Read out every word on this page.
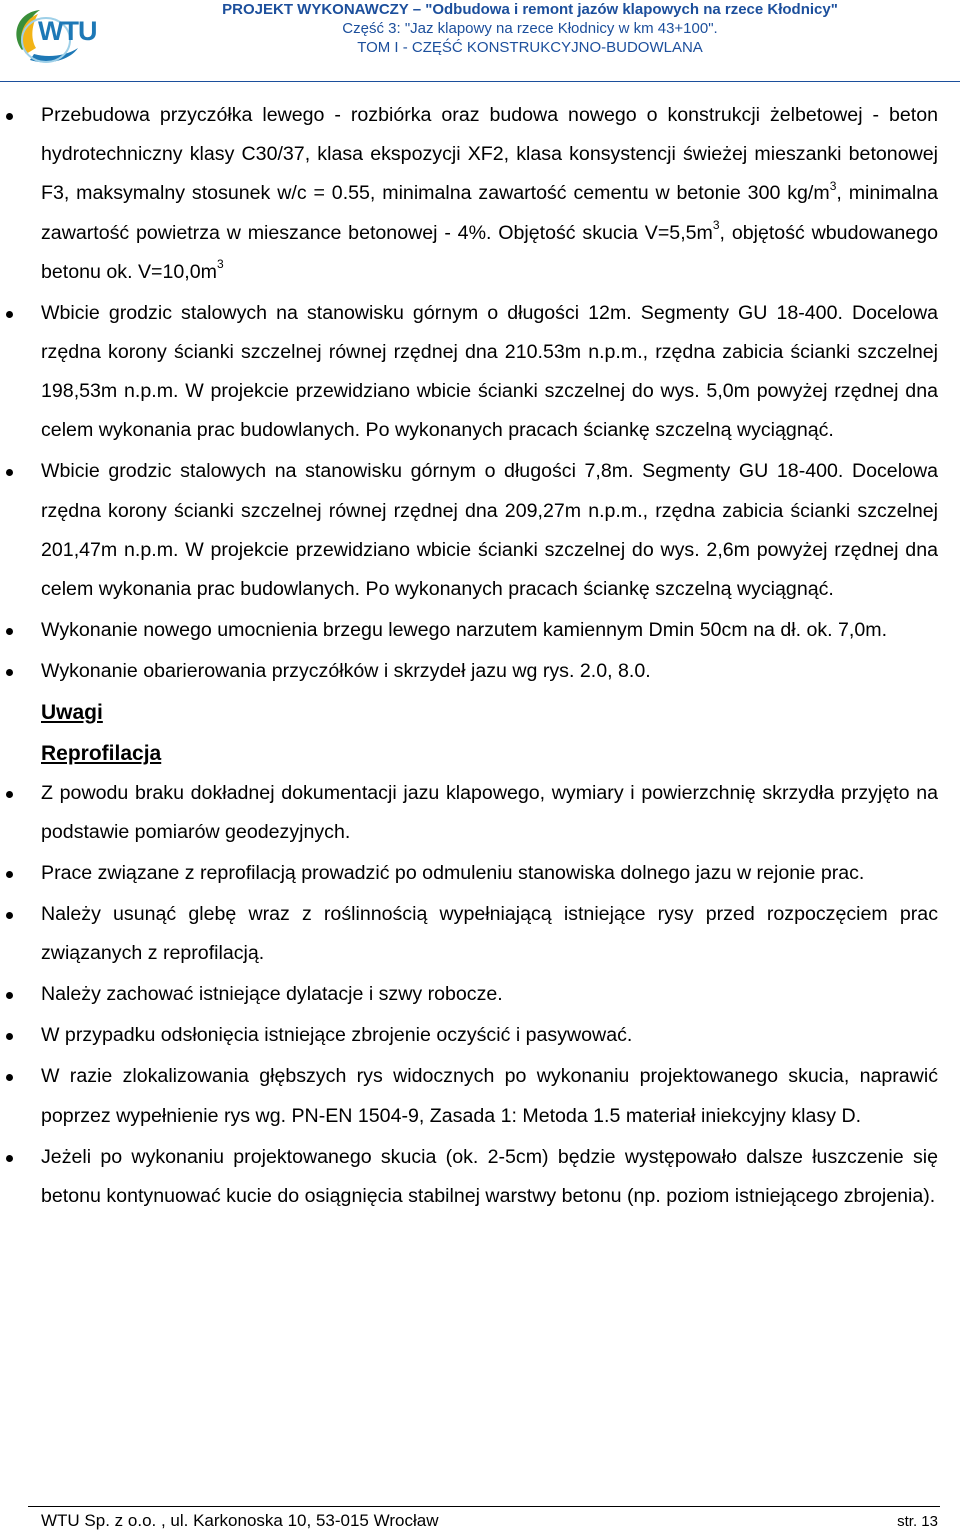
WTU
PROJEKT WYKONAWCZY – "Odbudowa i remont jazów klapowych na rzece Kłodnicy"
Część 3: "Jaz klapowy na rzece Kłodnicy w km 43+100".
TOM I - CZĘŚĆ KONSTRUKCYJNO-BUDOWLANA
Przebudowa przyczółka lewego - rozbiórka oraz budowa nowego o konstrukcji żelbetowej - beton hydrotechniczny klasy C30/37, klasa ekspozycji XF2, klasa konsystencji świeżej mieszanki betonowej F3, maksymalny stosunek w/c = 0.55, minimalna zawartość cementu w betonie 300 $kg/m^3$, minimalna zawartość powietrza w mieszance betonowej - 4%. Objętość skucia $V=5,5m^3$, objętość wbudowanego betonu ok. $V=10,0m^3$
Wbicie grodzic stalowych na stanowisku górnym o długości 12m. Segmenty GU 18-400. Docelowa rzędna korony ścianki szczelnej równej rzędnej dna 210.53m n.p.m., rzędna zabicia ścianki szczelnej 198,53m n.p.m. W projekcie przewidziano wbicie ścianki szczelnej do wys. 5,0m powyżej rzędnej dna celem wykonania prac budowlanych. Po wykonanych pracach ściankę szczelną wyciągnąć.
Wbicie grodzic stalowych na stanowisku górnym o długości 7,8m. Segmenty GU 18-400. Docelowa rzędna korony ścianki szczelnej równej rzędnej dna 209,27m n.p.m., rzędna zabicia ścianki szczelnej 201,47m n.p.m. W projekcie przewidziano wbicie ścianki szczelnej do wys. 2,6m powyżej rzędnej dna celem wykonania prac budowlanych. Po wykonanych pracach ściankę szczelną wyciągnąć.
Wykonanie nowego umocnienia brzegu lewego narzutem kamiennym Dmin 50cm na dł. ok. 7,0m.
Wykonanie obarierowania przyczółków i skrzydeł jazu wg rys. 2.0, 8.0.
Uwagi
Reprofilacja
Z powodu braku dokładnej dokumentacji jazu klapowego, wymiary i powierzchnię skrzydła przyjęto na podstawie pomiarów geodezyjnych.
Prace związane z reprofilacją prowadzić po odmuleniu stanowiska dolnego jazu w rejonie prac.
Należy usunąć glebę wraz z roślinnością wypełniającą istniejące rysy przed rozpoczęciem prac związanych z reprofilacją.
Należy zachować istniejące dylatacje i szwy robocze.
W przypadku odsłonięcia istniejące zbrojenie oczyścić i pasywować.
W razie zlokalizowania głębszych rys widocznych po wykonaniu projektowanego skucia, naprawić poprzez wypełnienie rys wg. PN-EN 1504-9, Zasada 1: Metoda 1.5 materiał iniekcyjny klasy D.
Jeżeli po wykonaniu projektowanego skucia (ok. 2-5cm) będzie występowało dalsze łuszczenie się betonu kontynuować kucie do osiągnięcia stabilnej warstwy betonu (np. poziom istniejącego zbrojenia).
WTU Sp. z o.o. , ul. Karkonoska 10, 53-015 Wrocław	str. 13
